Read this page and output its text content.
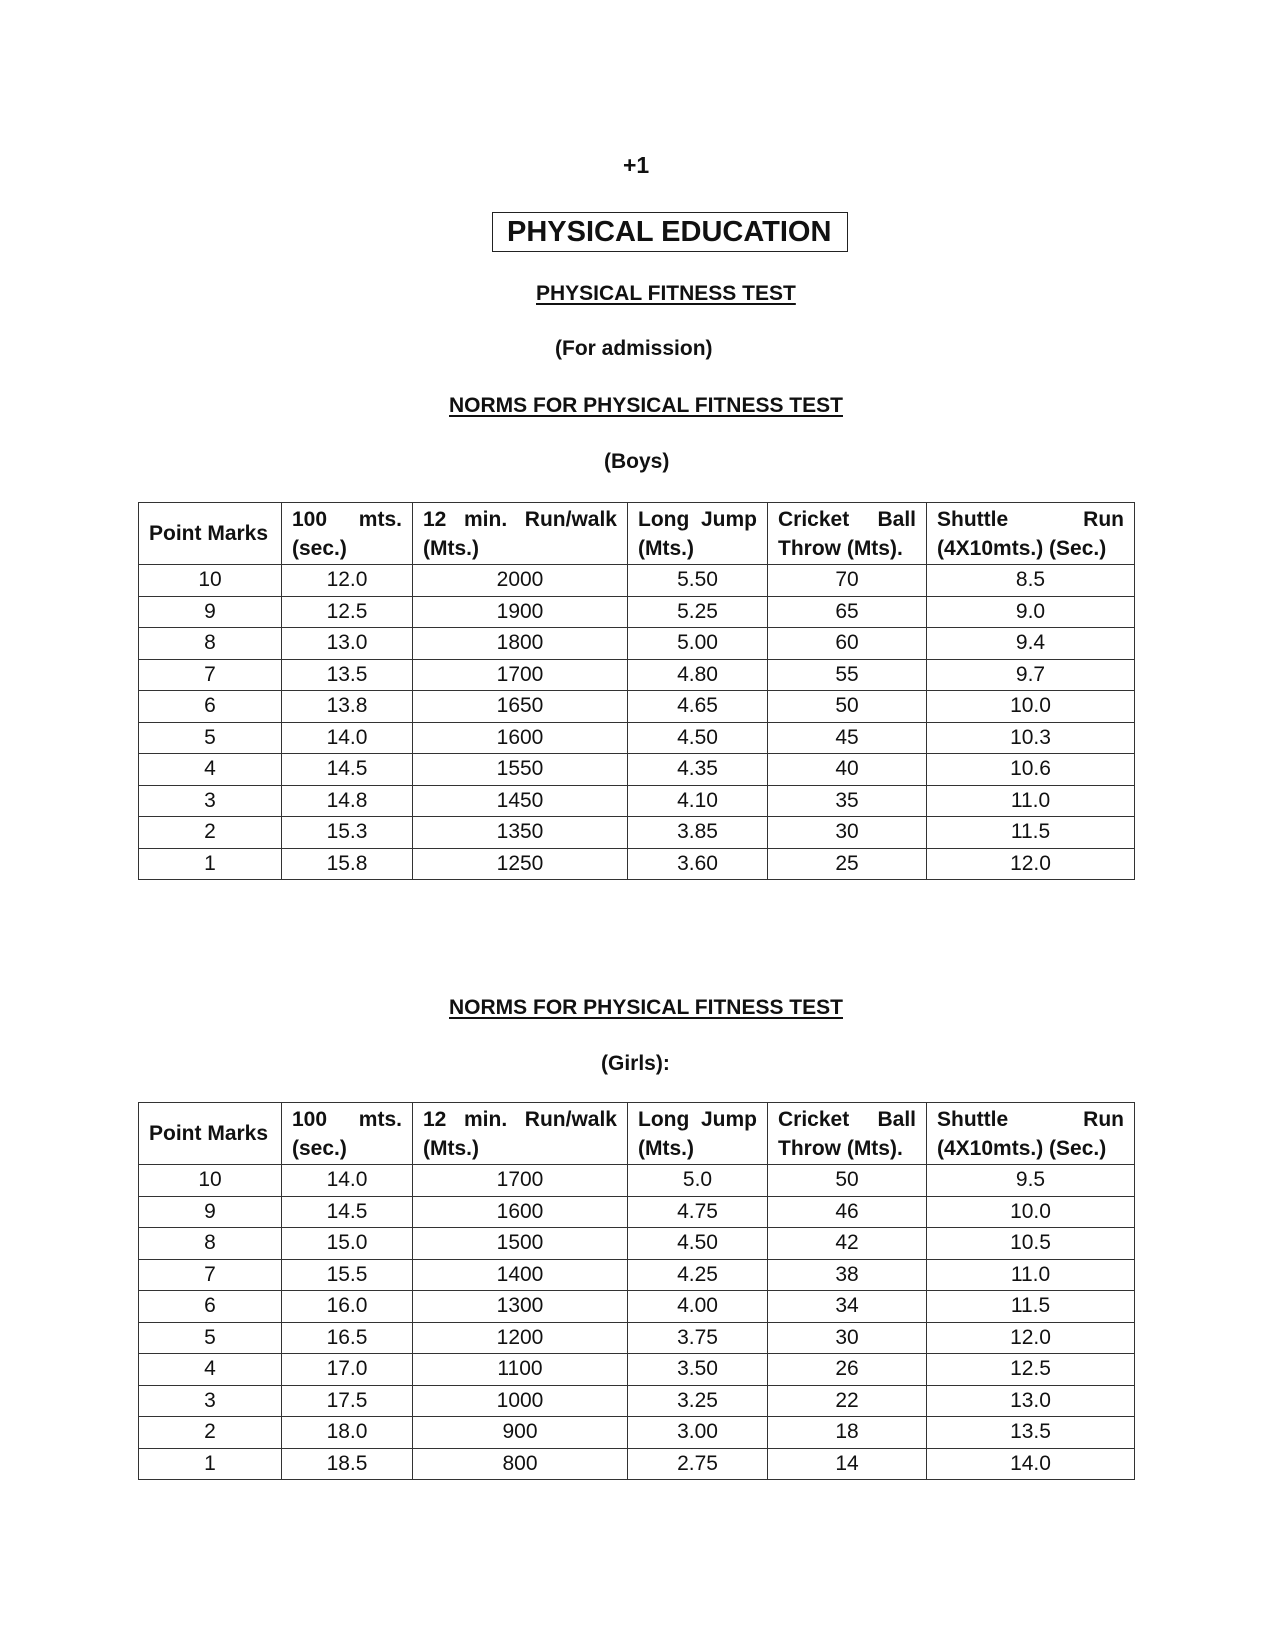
+1
PHYSICAL EDUCATION
PHYSICAL FITNESS TEST
(For admission)
NORMS FOR PHYSICAL FITNESS TEST
(Boys)
Point Marks	100 mts. (sec.)	12 min. Run/walk (Mts.)	Long Jump (Mts.)	Cricket Ball Throw (Mts).	Shuttle Run (4X10mts.) (Sec.)
10	12.0	2000	5.50	70	8.5
9	12.5	1900	5.25	65	9.0
8	13.0	1800	5.00	60	9.4
7	13.5	1700	4.80	55	9.7
6	13.8	1650	4.65	50	10.0
5	14.0	1600	4.50	45	10.3
4	14.5	1550	4.35	40	10.6
3	14.8	1450	4.10	35	11.0
2	15.3	1350	3.85	30	11.5
1	15.8	1250	3.60	25	12.0
NORMS FOR PHYSICAL FITNESS TEST
(Girls):
Point Marks	100 mts. (sec.)	12 min. Run/walk (Mts.)	Long Jump (Mts.)	Cricket Ball Throw (Mts).	Shuttle Run (4X10mts.) (Sec.)
10	14.0	1700	5.0	50	9.5
9	14.5	1600	4.75	46	10.0
8	15.0	1500	4.50	42	10.5
7	15.5	1400	4.25	38	11.0
6	16.0	1300	4.00	34	11.5
5	16.5	1200	3.75	30	12.0
4	17.0	1100	3.50	26	12.5
3	17.5	1000	3.25	22	13.0
2	18.0	900	3.00	18	13.5
1	18.5	800	2.75	14	14.0
